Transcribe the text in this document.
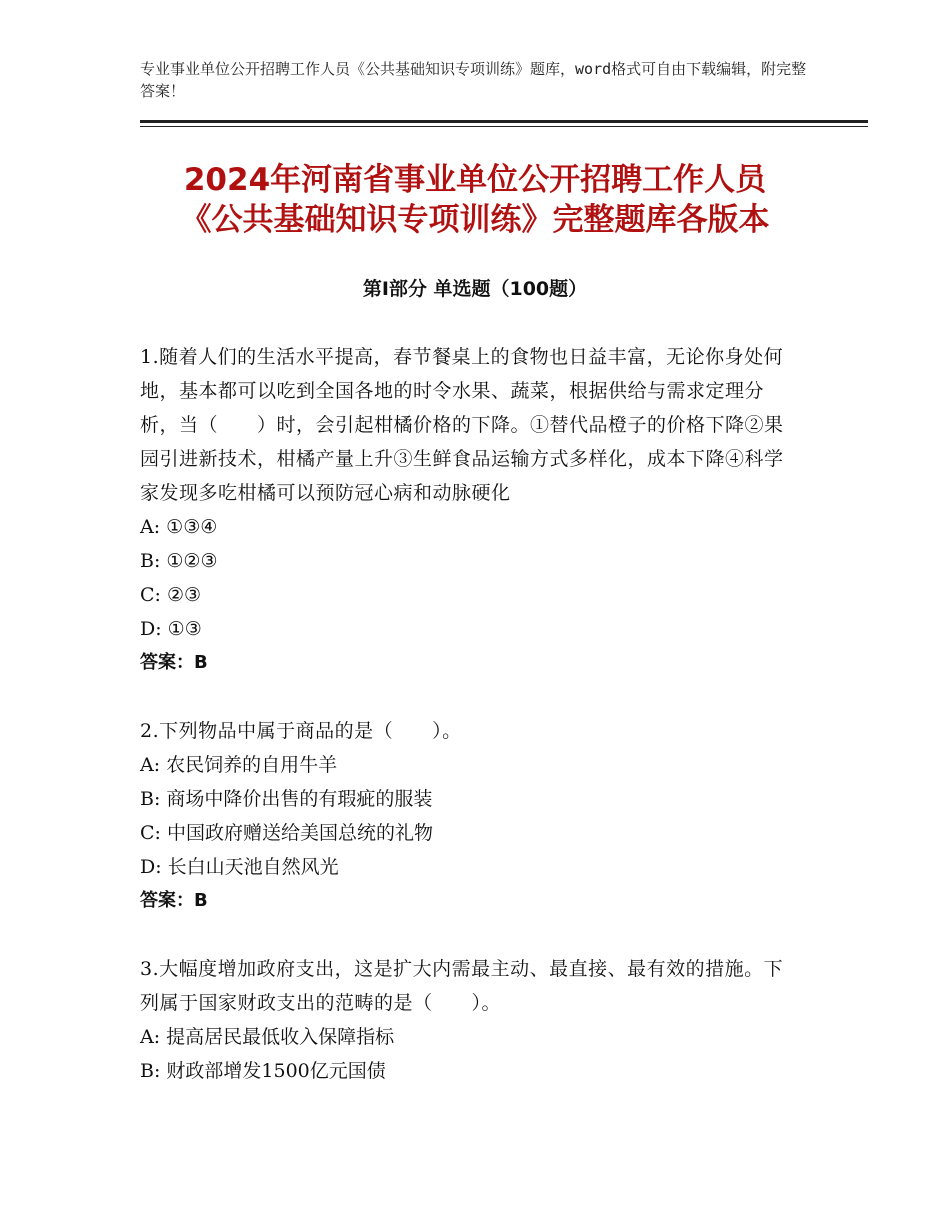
专业事业单位公开招聘工作人员《公共基础知识专项训练》题库，word格式可自由下载编辑，附完整答案！
2024年河南省事业单位公开招聘工作人员
《公共基础知识专项训练》完整题库各版本
第Ⅰ部分 单选题（100题）

1.随着人们的生活水平提高，春节餐桌上的食物也日益丰富，无论你身处何地，基本都可以吃到全国各地的时令水果、蔬菜，根据供给与需求定理分析，当（　　）时，会引起柑橘价格的下降。①替代品橙子的价格下降②果园引进新技术，柑橘产量上升③生鲜食品运输方式多样化，成本下降④科学家发现多吃柑橘可以预防冠心病和动脉硬化

A: ①③④

B: ①②③

C: ②③

D: ①③

答案：B

2.下列物品中属于商品的是（　　）。

A: 农民饲养的自用牛羊

B: 商场中降价出售的有瑕疵的服装

C: 中国政府赠送给美国总统的礼物

D: 长白山天池自然风光

答案：B

3.大幅度增加政府支出，这是扩大内需最主动、最直接、最有效的措施。下列属于国家财政支出的范畴的是（　　）。

A: 提高居民最低收入保障指标

B: 财政部增发1500亿元国债
